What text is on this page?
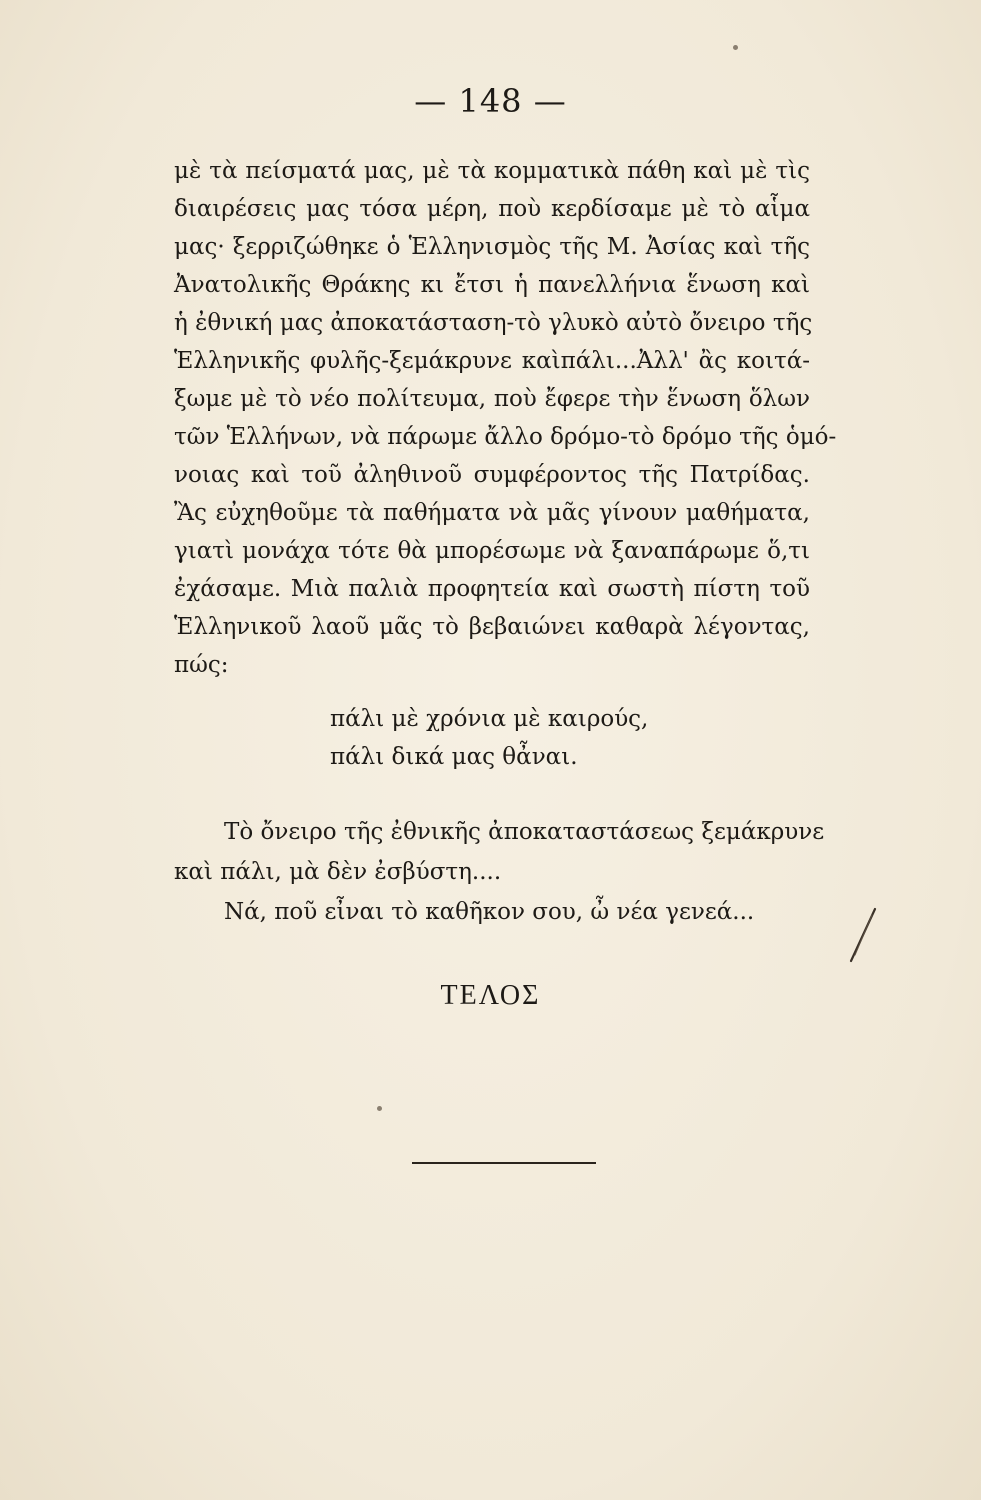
— 148 —
μὲ τὰ πείσματά μας, μὲ τὰ κομματικὰ πάθη καὶ μὲ τὶς
διαιρέσεις μας τόσα μέρη, ποὺ κερδίσαμε μὲ τὸ αἷμα
μας· ξερριζώθηκε ὁ Ἑλληνισμὸς τῆς Μ. Ἀσίας καὶ τῆς
Ἀνατολικῆς Θράκης κι ἔτσι ἡ πανελλήνια ἕνωση καὶ
ἡ ἐθνική μας ἀποκατάσταση-τὸ γλυκὸ αὐτὸ ὄνειρο τῆς
Ἑλληνικῆς φυλῆς-ξεμάκρυνε καὶπάλι...Ἀλλ' ἂς κοιτά-
ξωμε μὲ τὸ νέο πολίτευμα, ποὺ ἔφερε τὴν ἕνωση ὅλων
τῶν Ἑλλήνων, νὰ πάρωμε ἄλλο δρόμο-τὸ δρόμο τῆς ὁμό-
νοιας καὶ τοῦ ἀληθινοῦ συμφέροντος τῆς Πατρίδας.
Ἂς εὐχηθοῦμε τὰ παθήματα νὰ μᾶς γίνουν μαθήματα,
γιατὶ μονάχα τότε θὰ μπορέσωμε νὰ ξαναπάρωμε ὅ,τι
ἐχάσαμε. Μιὰ παλιὰ προφητεία καὶ σωστὴ πίστη τοῦ
Ἑλληνικοῦ λαοῦ μᾶς τὸ βεβαιώνει καθαρὰ λέγοντας,
πώς:
πάλι μὲ χρόνια μὲ καιρούς,
πάλι δικά μας θἆναι.
Τὸ ὄνειρο τῆς ἐθνικῆς ἀποκαταστάσεως ξεμάκρυνε
καὶ πάλι, μὰ δὲν ἐσβύστη....
Νά, ποῦ εἶναι τὸ καθῆκον σου, ὦ νέα γενεά...
ΤΕΛΟΣ
